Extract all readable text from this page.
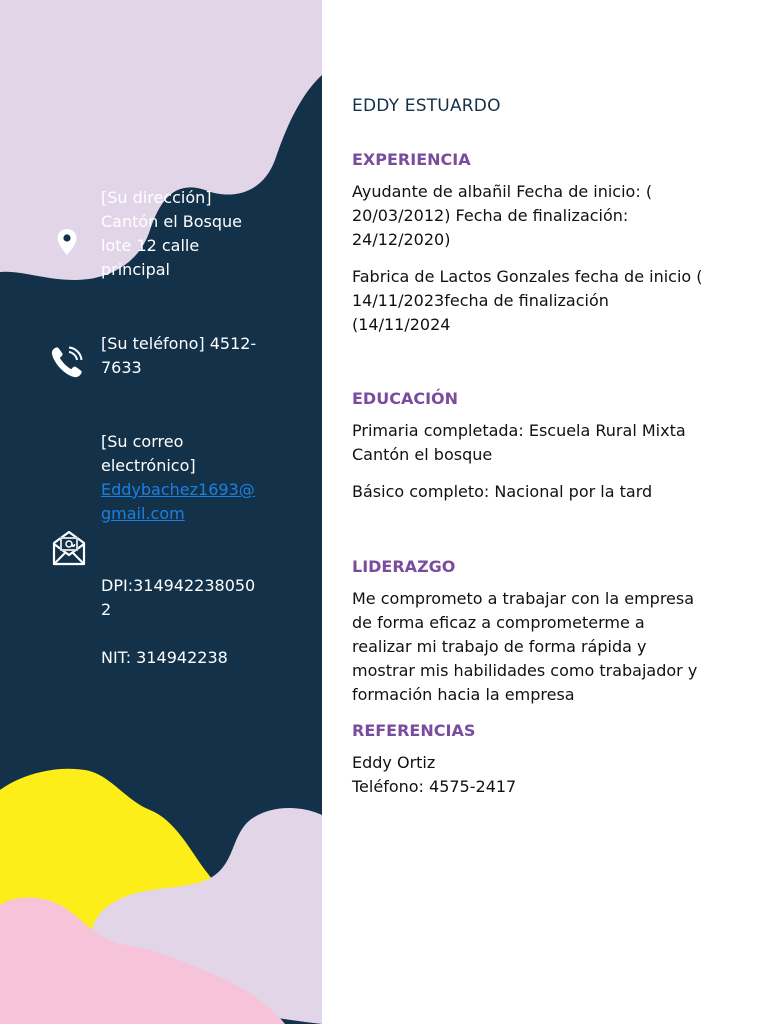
[Su dirección]
Cantón el Bosque
lote 12 calle
principal

[Su teléfono] 4512-
7633

[Su correo
electrónico]

Eddybachez1693@
gmail.com

DPI:314942238050
2

NIT: 314942238

EDDY ESTUARDO
EXPERIENCIA

Ayudante de albañil Fecha de inicio: (
20/03/2012) Fecha de finalización:
24/12/2020)

Fabrica de Lactos Gonzales fecha de inicio (
14/11/2023fecha de finalización
(14/11/2024

EDUCACIÓN

Primaria completada: Escuela Rural Mixta
Cantón el bosque

Básico completo: Nacional por la tard

LIDERAZGO

Me comprometo a trabajar con la empresa
de forma eficaz a comprometerme a
realizar mi trabajo de forma rápida y
mostrar mis habilidades como trabajador y
formación hacia la empresa

REFERENCIAS

Eddy Ortiz
Teléfono: 4575-2417
